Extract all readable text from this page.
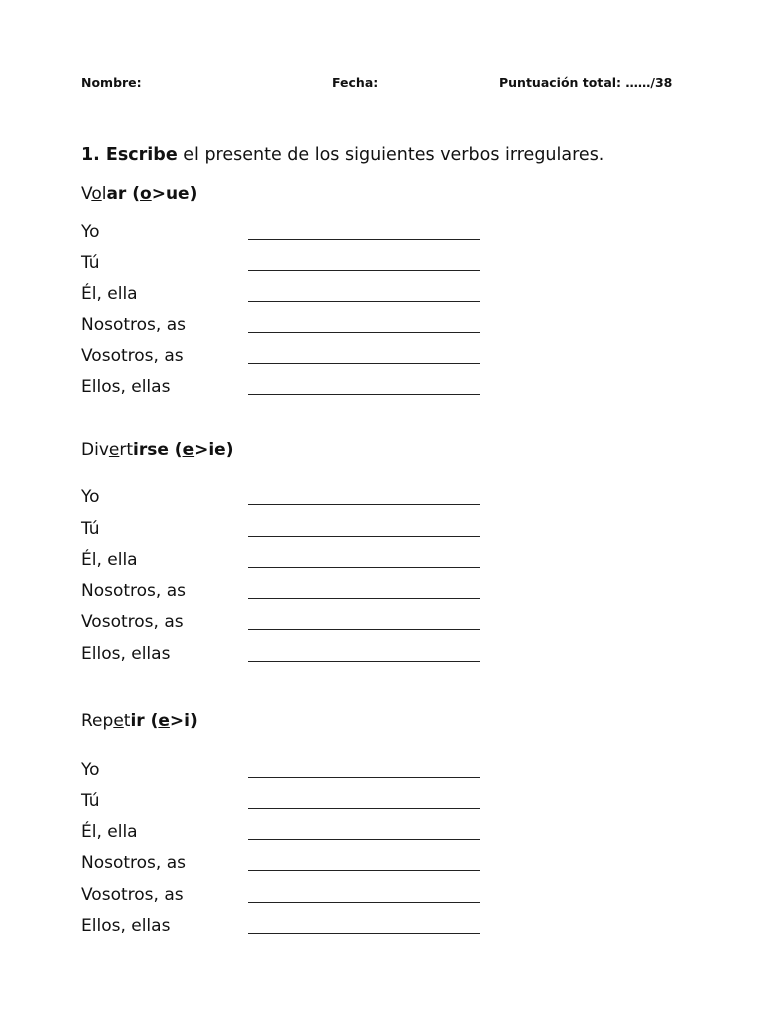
Nombre:	Fecha:	Puntuación total: ……/38
1. Escribe el presente de los siguientes verbos irregulares.
Volar (o>ue)
Yo
Tú
Él, ella
Nosotros, as
Vosotros, as
Ellos, ellas
Divertirse (e>ie)
Yo
Tú
Él, ella
Nosotros, as
Vosotros, as
Ellos, ellas
Repetir (e>i)
Yo
Tú
Él, ella
Nosotros, as
Vosotros, as
Ellos, ellas
